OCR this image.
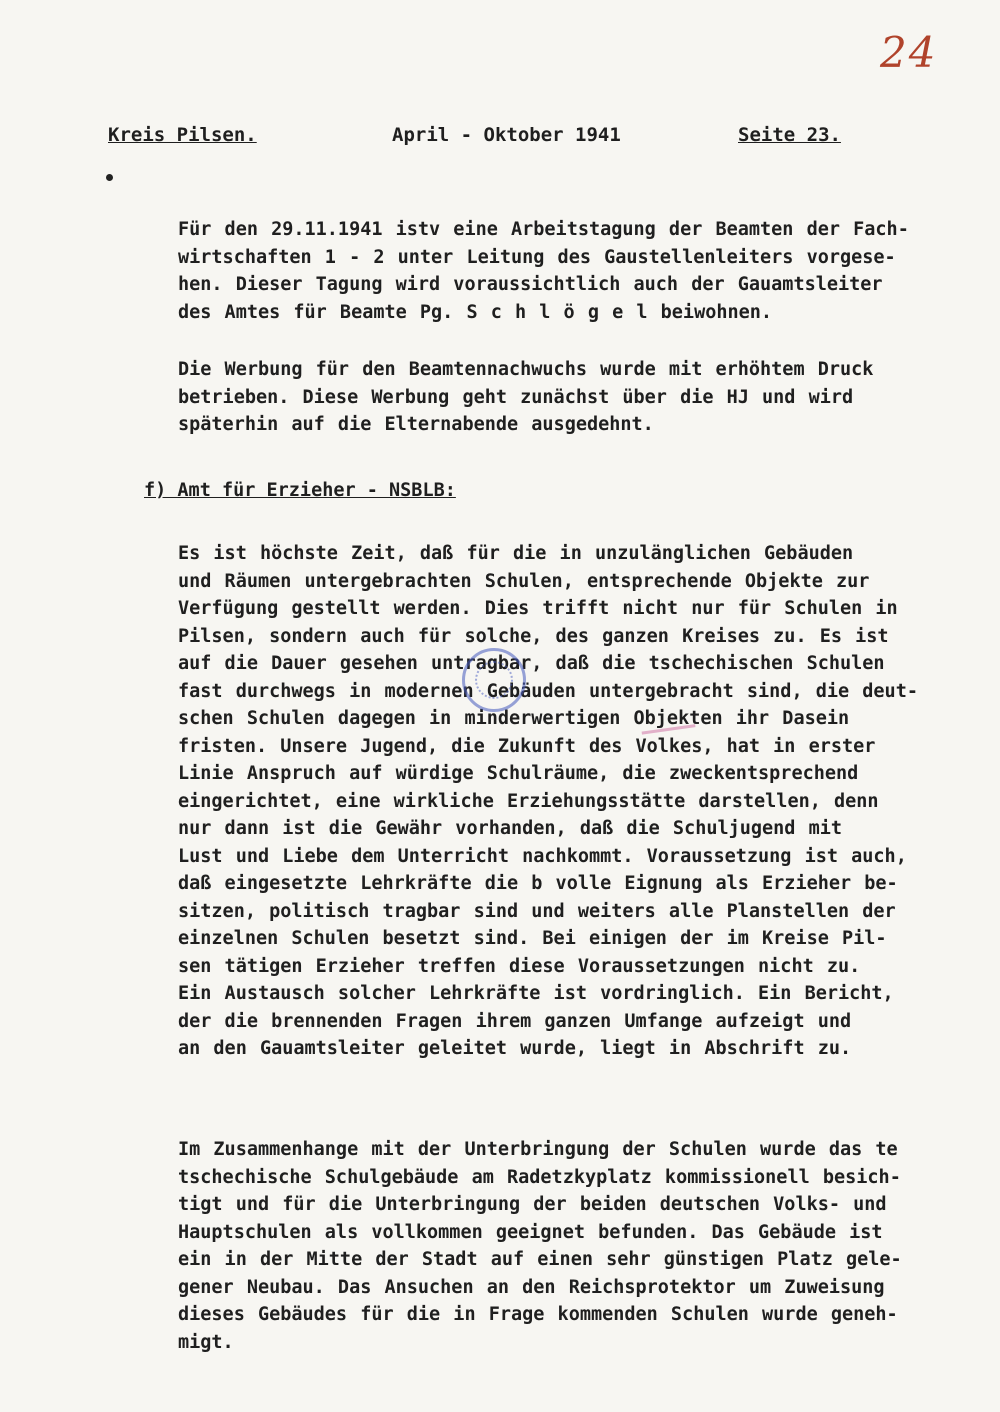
24
Kreis Pilsen.	April - Oktober 1941	Seite 23.
Für den 29.11.1941 istv eine Arbeitstagung der Beamten der Fach-
wirtschaften 1 - 2 unter Leitung des Gaustellenleiters vorgese-
hen. Dieser Tagung wird voraussichtlich auch der Gauamtsleiter
des Amtes für Beamte Pg. S c h l ö g e l beiwohnen.
Die Werbung für den Beamtennachwuchs wurde mit erhöhtem Druck
betrieben. Diese Werbung geht zunächst über die HJ und wird
späterhin auf die Elternabende ausgedehnt.
f) Amt für Erzieher - NSBLB:
Es ist höchste Zeit, daß für die in unzulänglichen Gebäuden
und Räumen untergebrachten Schulen, entsprechende Objekte zur
Verfügung gestellt werden. Dies trifft nicht nur für Schulen in
Pilsen, sondern auch für solche, des ganzen Kreises zu. Es ist
auf die Dauer gesehen untragbar, daß die tschechischen Schulen
fast durchwegs in modernen Gebäuden untergebracht sind, die deut-
schen Schulen dagegen in minderwertigen Objekten ihr Dasein
fristen. Unsere Jugend, die Zukunft des Volkes, hat in erster
Linie Anspruch auf würdige Schulräume, die zweckentsprechend
eingerichtet, eine wirkliche Erziehungsstätte darstellen, denn
nur dann ist die Gewähr vorhanden, daß die Schuljugend mit
Lust und Liebe dem Unterricht nachkommt. Voraussetzung ist auch,
daß eingesetzte Lehrkräfte die b volle Eignung als Erzieher be-
sitzen, politisch tragbar sind und weiters alle Planstellen der
einzelnen Schulen besetzt sind. Bei einigen der im Kreise Pil-
sen tätigen Erzieher treffen diese Voraussetzungen nicht zu.
Ein Austausch solcher Lehrkräfte ist vordringlich. Ein Bericht,
der die brennenden Fragen ihrem ganzen Umfange aufzeigt und
an den Gauamtsleiter geleitet wurde, liegt in Abschrift zu.
Im Zusammenhange mit der Unterbringung der Schulen wurde das te
tschechische Schulgebäude am Radetzkyplatz kommissionell besich-
tigt und für die Unterbringung der beiden deutschen Volks- und
Hauptschulen als vollkommen geeignet befunden. Das Gebäude ist
ein in der Mitte der Stadt auf einen sehr günstigen Platz gele-
gener Neubau. Das Ansuchen an den Reichsprotektor um Zuweisung
dieses Gebäudes für die in Frage kommenden Schulen wurde geneh-
migt.
